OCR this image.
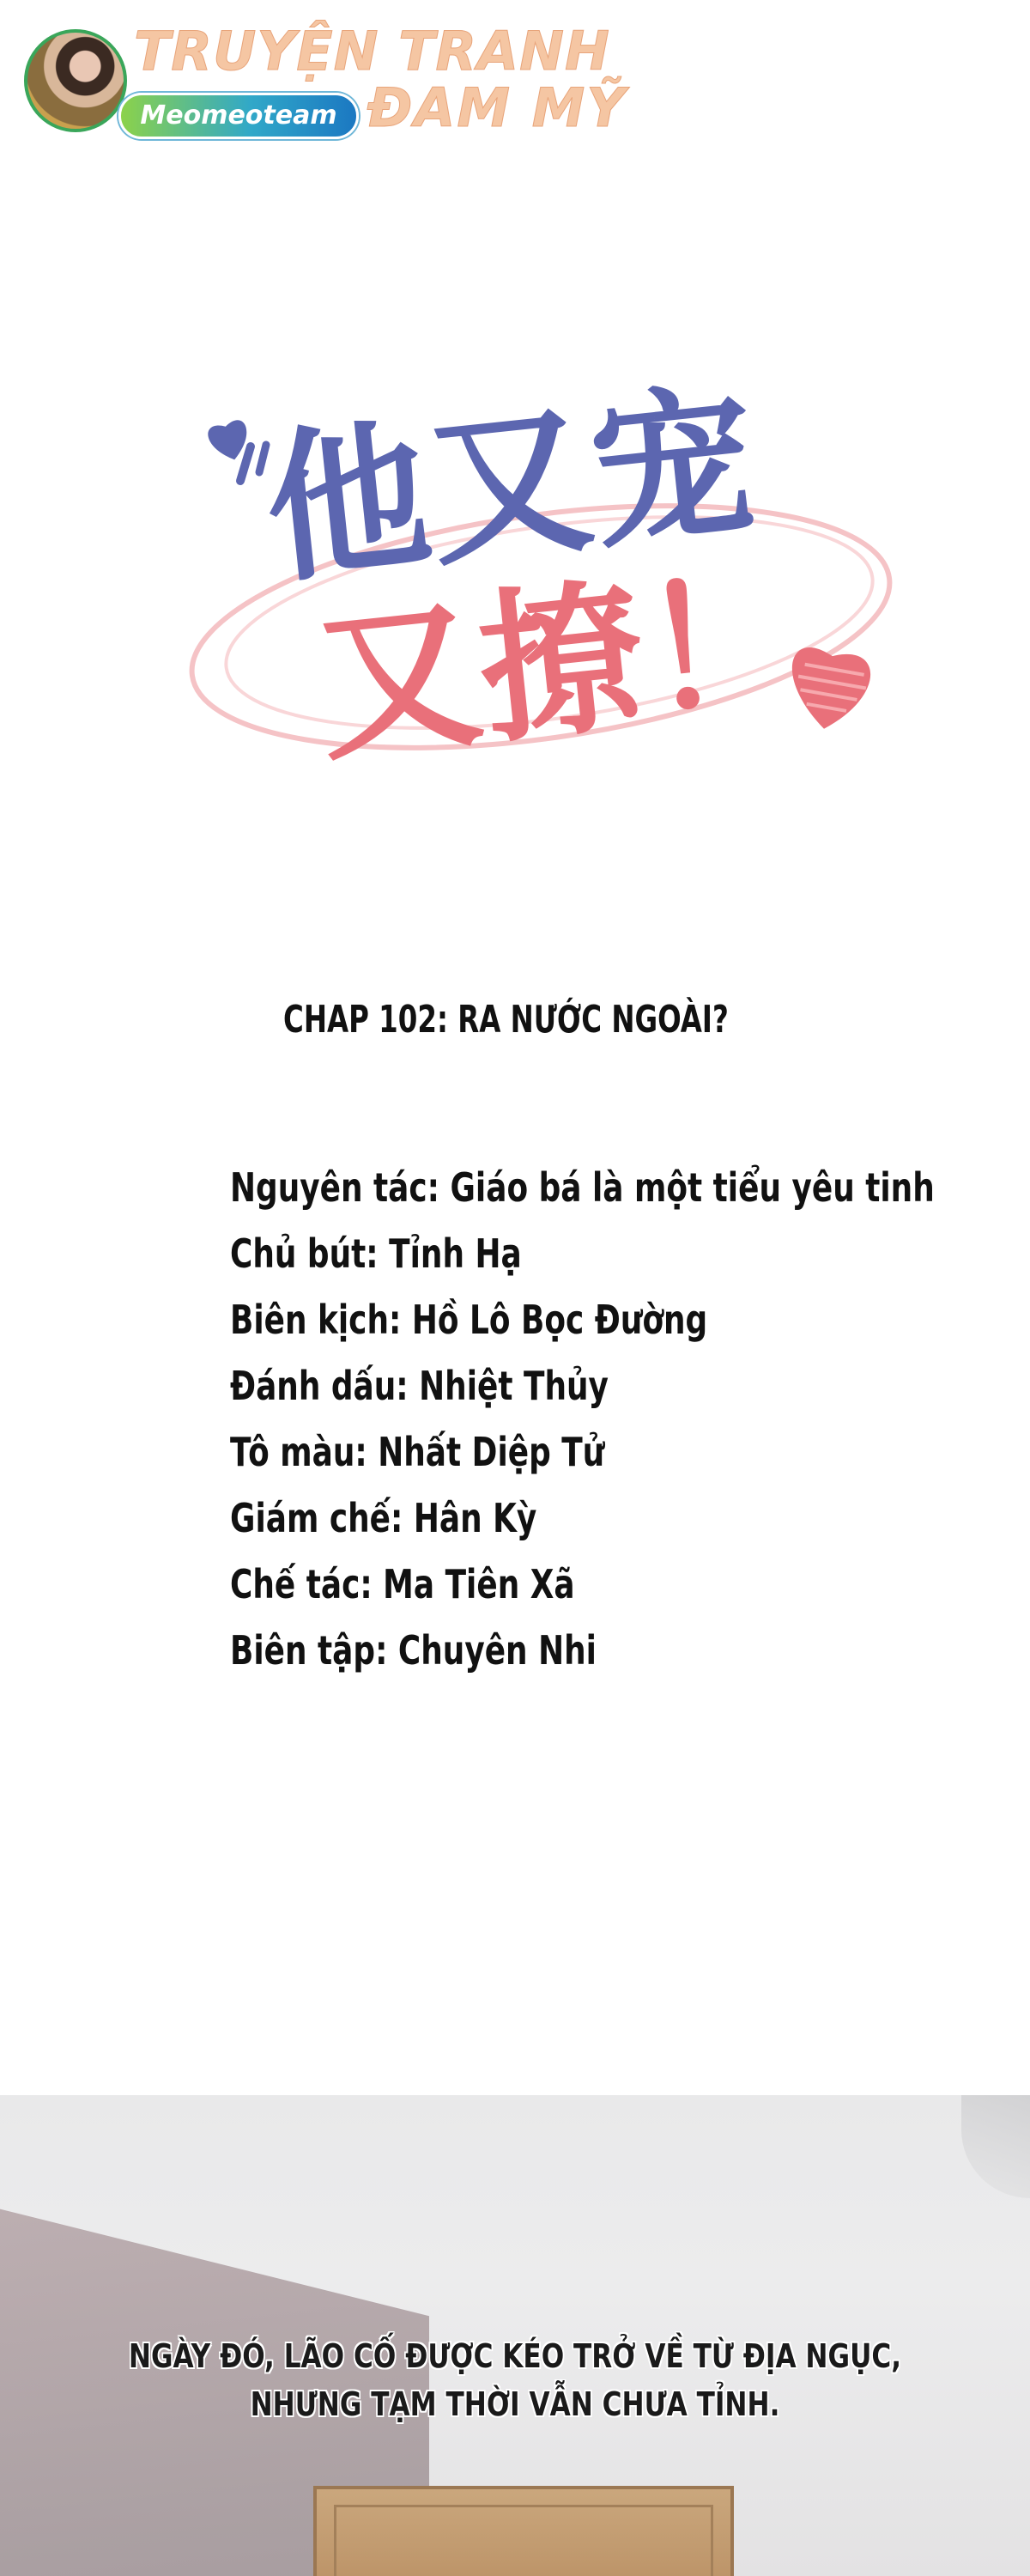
TRUYỆN TRANH
ĐAM MỸ
Meomeoteam
他又宠
又撩！
CHAP 102: RA NƯỚC NGOÀI?
Nguyên tác: Giáo bá là một tiểu yêu tinh
Chủ bút: Tỉnh Hạ
Biên kịch: Hồ Lô Bọc Đường
Đánh dấu: Nhiệt Thủy
Tô màu: Nhất Diệp Tử
Giám chế: Hân Kỳ
Chế tác: Ma Tiên Xã
Biên tập: Chuyên Nhi
NGÀY ĐÓ, LÃO CỐ ĐƯỢC KÉO TRỞ VỀ TỪ ĐỊA NGỤC,
NHƯNG TẠM THỜI VẪN CHƯA TỈNH.
